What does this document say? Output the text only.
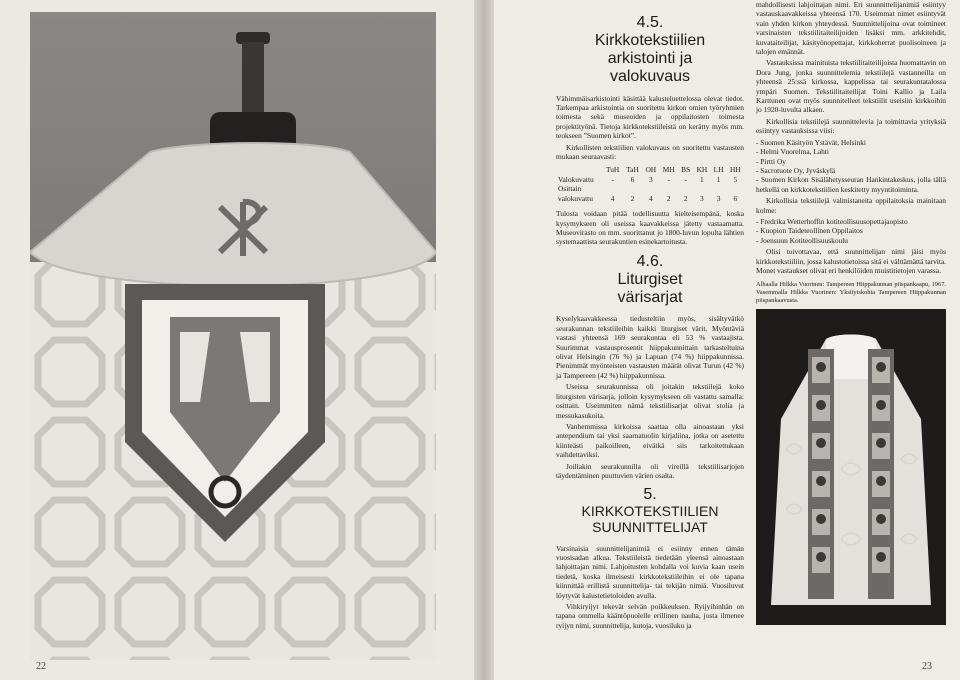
22
4.5.
Kirkkotekstiilien
arkistointi ja
valokuvaus

Vähimmäisarkistointi käsittää kalusteluettelossa olevat tiedot. Tarkempaa arkistointia on suoritettu kirkon omien työryhmien toimesta sekä museoiden ja oppilaitosten toimesta projektityönä. Tietoja kirkkotekstiileistä on kerätty myös mm. teokseen ”Suomen kirkot”.

Kirkollisten tekstiilien valokuvaus on suoritettu vastausten mukaan seuraavasti:

	TuH	TaH	OH	MH	BS	KH	LH	HH
Valokuvattu	-	6	3	-	-	1	1	5
Osittain								
valokuvattu	4	2	4	2	2	3	3	6

Tulosta voidaan pitää todellisuutta kielteisempänä, koska kysymykseen oli useissa kaavakkeissa jätetty vastaamatta. Museovirasto on mm. suorittanut jo 1800-luvun lopulta lähtien systemaattista seurakuntien esinekartoitusta.

4.6.
Liturgiset
värisarjat

Kyselykaavakkeessa tiedusteltiin myös, sisältyvätkö seurakunnan tekstiileihin kaikki liturgiset värit. Myöntäviä vastasi yhteensä 169 seurakuntaa eli 53 % vastaajista. Suurimmat vastausprosentit hiippakunnittain tarkasteltuina olivat Helsingin (76 %) ja Lapuan (74 %) hiippakunnissa. Pienimmät myönteisten vastausten määrät olivat Turun (42 %) ja Tampereen (42 %) hiippakunnissa.

Useissa seurakunnissa oli joitakin tekstiilejä koko liturgisten värisarja, jolloin kysymykseen oli vastattu samalla: osittain. Useimmiten nämä tekstiilisarjat olivat stolia ja messukasukoita.

Vanhemmissa kirkoissa saattaa olla ainoastaan yksi antependium tai yksi saarnatuolin kirjaliina, jotka on asetettu kiinteästi paikoilleen, eivätkä siis tarkoitettukaan vaihdettaviksi.

Joillakin seurakunnilla oli vireillä tekstiilisarjojen täydentäminen puuttuvien värien osalta.

5.
KIRKKOTEKSTIILIEN
SUUNNITTELIJAT

Varsinaisia suunnittelijanimiä ei esiinny ennen tämän vuosisadan alkua. Tekstiileistä tiedetään yleensä ainoastaan lahjoittajan nimi. Lahjoitusten kohdalla voi kuvia kaan usein tiedetä, koska ilmeisesti kirkkotekstiileihin ei ole tapana kiinnittää erillistä suunnittelija- tai tekijän nimiä. Vuosiluvut löytyvät kalustetietoloiden avulla.

Vihkiryijyt tekevät selvän poikkeuksen. Ryijyihinhän on tapana ommella kääntöpuolelle erillinen nauha, josta ilmenee ryijyn nimi, suunnittelija, kutoja, vuosiluku ja

mahdollisesti lahjoittajan nimi. Eri suunnittelijanimiä esiintyy vastauskaavakkeissa yhteensä 170. Useimmat nimet esiintyvät vain yhden kirkon yhteydessä. Suunnittelijoina ovat toimineet varsinaisten tekstiilitaiteilijoiden lisäksi mm. arkkitehdit, kuvataiteilijat, käsityönopettajat, kirkkoherrat puolisoineen ja talojen emännät.

Vastauksissa mainituista tekstiilitaiteilijoista huomattavin on Dora Jung, jonka suunnittelemia tekstiilejä vastanneilla on yhteensä 25:ssä kirkossa, kappelissa tai seurakuntatalossa ympäri Suomen. Tekstiilitaiteilijat Toini Kallio ja Laila Karttunen ovat myös suunnitelleet tekstiilit useisiin kirkkoihin jo 1920-luvulta alkaen.

Kirkollisia tekstiilejä suunnittelevia ja toimittavia yrityksiä esiintyy vastauksissa viisi:

- Suomen Käsityön Ystävät, Helsinki
- Helmi Vuorelma, Lahti
- Pirtti Oy
- Sacrotuote Oy, Jyväskylä
- Suomen Kirkon Sisälähetysseuran Hankintakeskus, jolla tällä hetkellä on kirkkotekstiilien keskitetty myyntitoiminta.

Kirkollisia tekstiilejä valmistaneita oppilaitoksia mainitaan kolme:

- Fredrika Wetterhoffin kotiteollisuusopettajaopisto
- Kuopion Taideteollinen Oppilaitos
- Joensuun Kotiteollisuuskoulu

Olisi toivottavaa, että suunnittelijan nimi jäisi myös kirkkotekstiiliin, jossa kalustotietoissa sitä ei välttämättä tarvita. Monet vastaukset olivat eri henkilöiden muistitietojen varassa.

Alhaalla Hilkka Vuorinen: Tampereen Hiippakunnan piispankaapu, 1967. Vasemmalla Hilkka Vuorinen: Yksityiskohta Tampereen Hiippakunnan piispankaavusta.
23
